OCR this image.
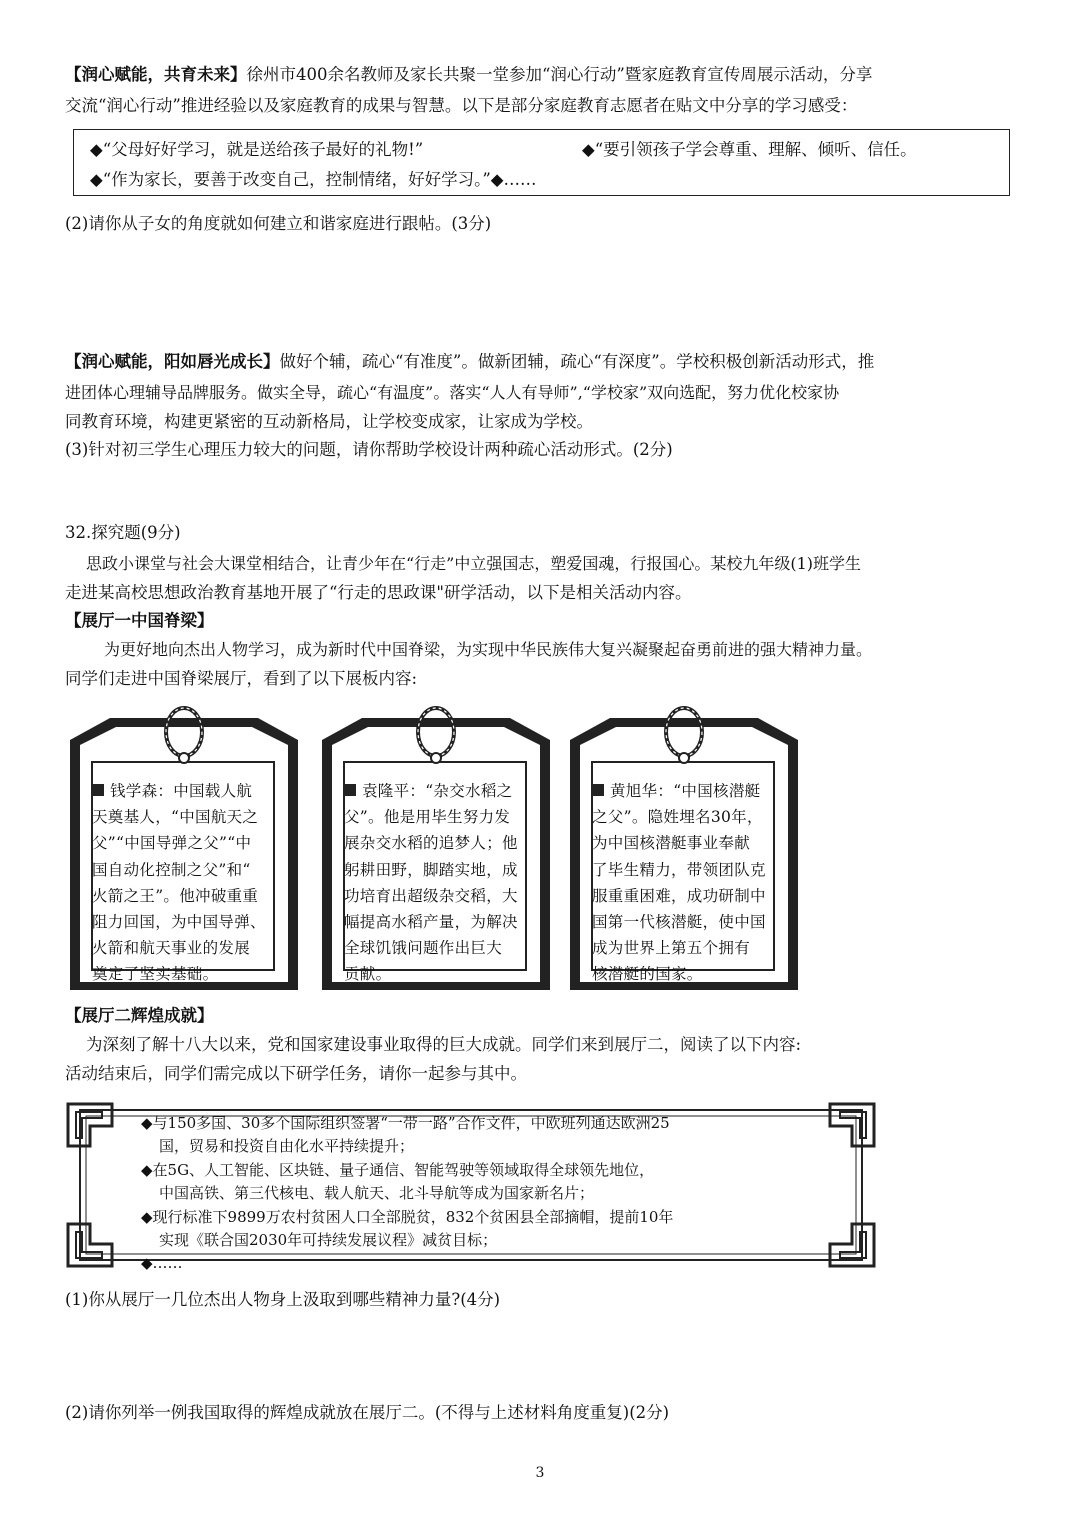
【润心赋能，共育未来】徐州市400余名教师及家长共聚一堂参加“润心行动”暨家庭教育宣传周展示活动，分享
交流“润心行动”推进经验以及家庭教育的成果与智慧。以下是部分家庭教育志愿者在贴文中分享的学习感受：
◆“父母好好学习，就是送给孩子最好的礼物!”	◆“要引领孩子学会尊重、理解、倾听、信任。
◆“作为家长，要善于改变自己，控制情绪，好好学习。”◆……
(2)请你从子女的角度就如何建立和谐家庭进行跟帖。(3分)
【润心赋能，阳如唇光成长】做好个辅，疏心“有准度”。做新团辅，疏心“有深度”。学校积极创新活动形式，推
进团体心理辅导品牌服务。做实全导，疏心“有温度”。落实“人人有导师”,“学校家”双向选配，努力优化校家协
同教育环境，构建更紧密的互动新格局，让学校变成家，让家成为学校。
(3)针对初三学生心理压力较大的问题，请你帮助学校设计两种疏心活动形式。(2分)
32.探究题(9分)
思政小课堂与社会大课堂相结合，让青少年在“行走”中立强国志，塑爱国魂，行报国心。某校九年级(1)班学生
走进某高校思想政治教育基地开展了“行走的思政课"研学活动，以下是相关活动内容。
【展厅一中国脊梁】
为更好地向杰出人物学习，成为新时代中国脊梁，为实现中华民族伟大复兴凝聚起奋勇前进的强大精神力量。
同学们走进中国脊梁展厅，看到了以下展板内容:
钱学森：中国载人航
天奠基人，“中国航天之
父”“中国导弹之父”“中
国自动化控制之父”和“
火箭之王”。他冲破重重
阻力回国，为中国导弹、
火箭和航天事业的发展
奠定了坚实基础。
袁隆平：“杂交水稻之
父”。他是用毕生努力发
展杂交水稻的追梦人；他
躬耕田野，脚踏实地，成
功培育出超级杂交稻，大
幅提高水稻产量，为解决
全球饥饿问题作出巨大
贡献。
黄旭华：“中国核潜艇
之父”。隐姓埋名30年，
为中国核潜艇事业奉献
了毕生精力，带领团队克
服重重困难，成功研制中
国第一代核潜艇，使中国
成为世界上第五个拥有
核潜艇的国家。
【展厅二辉煌成就】
为深刻了解十八大以来，党和国家建设事业取得的巨大成就。同学们来到展厅二，阅读了以下内容:
活动结束后，同学们需完成以下研学任务，请你一起参与其中。
◆与150多国、30多个国际组织签署“一带一路”合作文件，中欧班列通达欧洲25
国，贸易和投资自由化水平持续提升；
◆在5G、人工智能、区块链、量子通信、智能驾驶等领域取得全球领先地位，
中国高铁、第三代核电、载人航天、北斗导航等成为国家新名片；
◆现行标准下9899万农村贫困人口全部脱贫，832个贫困县全部摘帽，提前10年
实现《联合国2030年可持续发展议程》减贫目标；
◆……
(1)你从展厅一几位杰出人物身上汲取到哪些精神力量?(4分)
(2)请你列举一例我国取得的辉煌成就放在展厅二。(不得与上述材料角度重复)(2分)
3
